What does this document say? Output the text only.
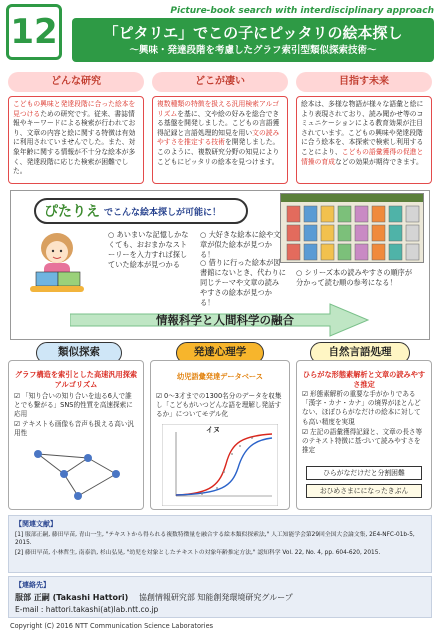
12
Picture-book search with interdisciplinary approach
「ピタリエ」でこの子にピッタリの絵本探し
～興味・発達段階を考慮したグラフ索引型類似探索技術～
どんな研究	どこが凄い	目指す未来
こどもの興味と発達段階に合った絵本を見つけるための研究です。従来、書誌情報やキーワードによる検索が行われており、文章の内容と絵に関する特徴は有効に利用されていませんでした。また、対象年齢に関する情報が不十分な絵本が多く、発達段階に応じた検索が困難でした。
複数種類の特徴を扱える汎用検索アルゴリズムを基に、文や絵の好みを総合できる基盤を開発しました。こどもの言語獲得記録と言語処理的知見を用い文の読みやすさを推定する技術を開発しました。このように、複数研究分野の知見によりこどもにピッタリの絵本を見つけます。
絵本は、多様な物語が様々な語彙と絵により表現されており、読み聞かせ等のコミュニケーションによる教育効果が注目されています。こどもの興味や発達段階に合う絵本を、本探索で検索し利用することにより、こどもの語彙獲得の促進と情操の育成などの効果が期待できます。
ぴたりえ でこんな絵本探しが可能に！
○ あいまいな記憶しかなくても、おおまかなストーリーを入力すれば探していた絵本が見つかる
○ 大好きな絵本に絵や文章が似た絵本が見つかる！
○ 借りに行った絵本が図書館にないとき、代わりに同じテーマや文章の読みやすさの絵本が見つかる！
○ シリーズ本の読みやすさの順序が分かって読む順の参考になる！
情報科学と人間科学の融合
類似探索	発達心理学	自然言語処理
グラフ構造を索引とした高速汎用探索アルゴリズム
☑ 「知り合いの知り合いを辿る6人で誰とでも繋がる」SNS的性質を高速探索に応用
☑ テキストも画像も音声も扱える高い汎用性
幼児語彙発達データベース
☑ 0〜3才までの1300名分のデータを収集し「こどもがいつどんな語を理解し発話するか」についてモデル化
イヌ
ひらがな形態素解析と文章の読みやすさ推定
☑ 形態素解析の重要な手がかりである「漢字・カナ・カナ」の境界がほとんどない、ほぼひらがなだけの絵本に対しても高い精度を実現
☑ 左記の語彙獲得記録と、文章の長さ等のテキスト特徴に基づいて読みやすさを推定
ひらがなだけだと分割困難
おひめさまにになったきぶん
【関連文献】
[1] 服部正嗣, 藤田早苗, 青山一生, "テキストから得られる複数特徴量を融合する絵本類似探索法," 人工知能学会第29回全国大会論文集, 2E4-NFC-01b-5, 2015.
[2] 藤田早苗, 小林哲生, 南泰浩, 杉山弘晃, "幼児を対象としたテキストの対象年齢推定方法," 認知科学 Vol. 22, No. 4, pp. 604-620, 2015.
【連絡先】
服部 正嗣 (Takashi Hattori) 協創情報研究部 知能創発環境研究グループ
E-mail : hattori.takashi(at)lab.ntt.co.jp
Copyright (C) 2016 NTT Communication Science Laboratories
